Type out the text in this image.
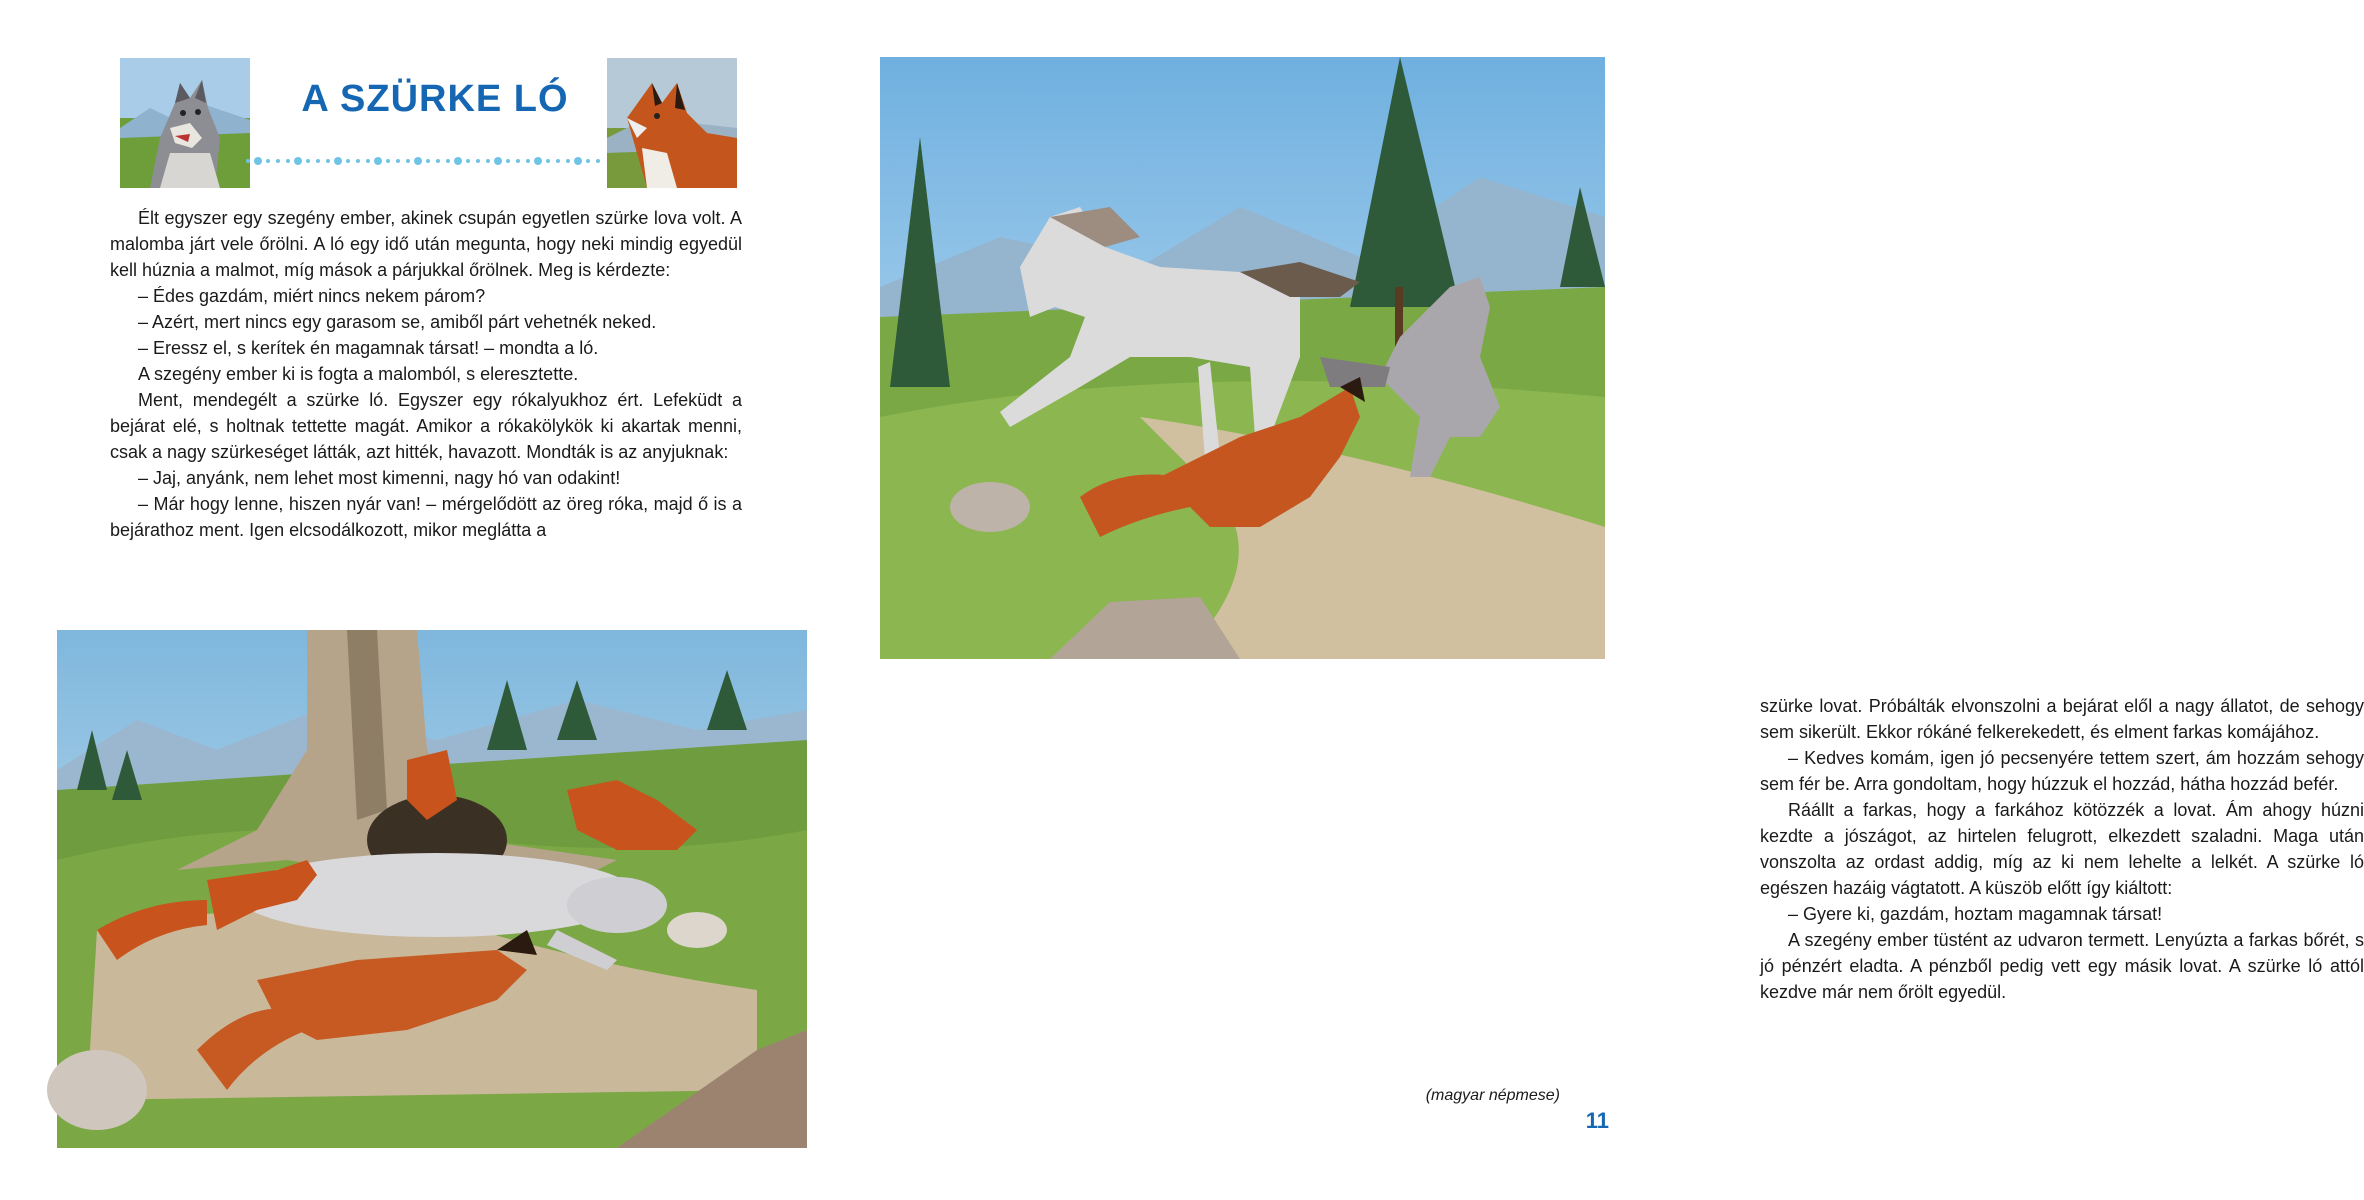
A SZÜRKE LÓ

Élt egyszer egy szegény ember, akinek csupán egyetlen szürke lova volt. A malomba járt vele őrölni. A ló egy idő után megunta, hogy neki mindig egyedül kell húznia a malmot, míg mások a párjukkal őrölnek. Meg is kérdezte:

– Édes gazdám, miért nincs nekem párom?

– Azért, mert nincs egy garasom se, amiből párt vehetnék neked.

– Eressz el, s kerítek én magamnak társat! – mondta a ló.

A szegény ember ki is fogta a malomból, s eleresztette.

Ment, mendegélt a szürke ló. Egyszer egy rókalyukhoz ért. Lefeküdt a bejárat elé, s holtnak tettette magát. Amikor a rókakölykök ki akartak menni, csak a nagy szürkeséget látták, azt hitték, havazott. Mondták is az anyjuknak:

– Jaj, anyánk, nem lehet most kimenni, nagy hó van odakint!

– Már hogy lenne, hiszen nyár van! – mérgelődött az öreg róka, majd ő is a bejárathoz ment. Igen elcsodálkozott, mikor meglátta a

szürke lovat. Próbálták elvonszolni a bejárat elől a nagy állatot, de sehogy sem sikerült. Ekkor rókáné felkerekedett, és elment farkas komájához.

– Kedves komám, igen jó pecsenyére tettem szert, ám hozzám sehogy sem fér be. Arra gondoltam, hogy húzzuk el hozzád, hátha hozzád befér.

Ráállt a farkas, hogy a farkához kötözzék a lovat. Ám ahogy húzni kezdte a jószágot, az hirtelen felugrott, elkezdett szaladni. Maga után vonszolta az ordast addig, míg az ki nem lehelte a lelkét. A szürke ló egészen hazáig vágtatott. A küszöb előtt így kiáltott:

– Gyere ki, gazdám, hoztam magamnak társat!

A szegény ember tüstént az udvaron termett. Lenyúzta a farkas bőrét, s jó pénzért eladta. A pénzből pedig vett egy másik lovat. A szürke ló attól kezdve már nem őrölt egyedül.

(magyar népmese)
11
